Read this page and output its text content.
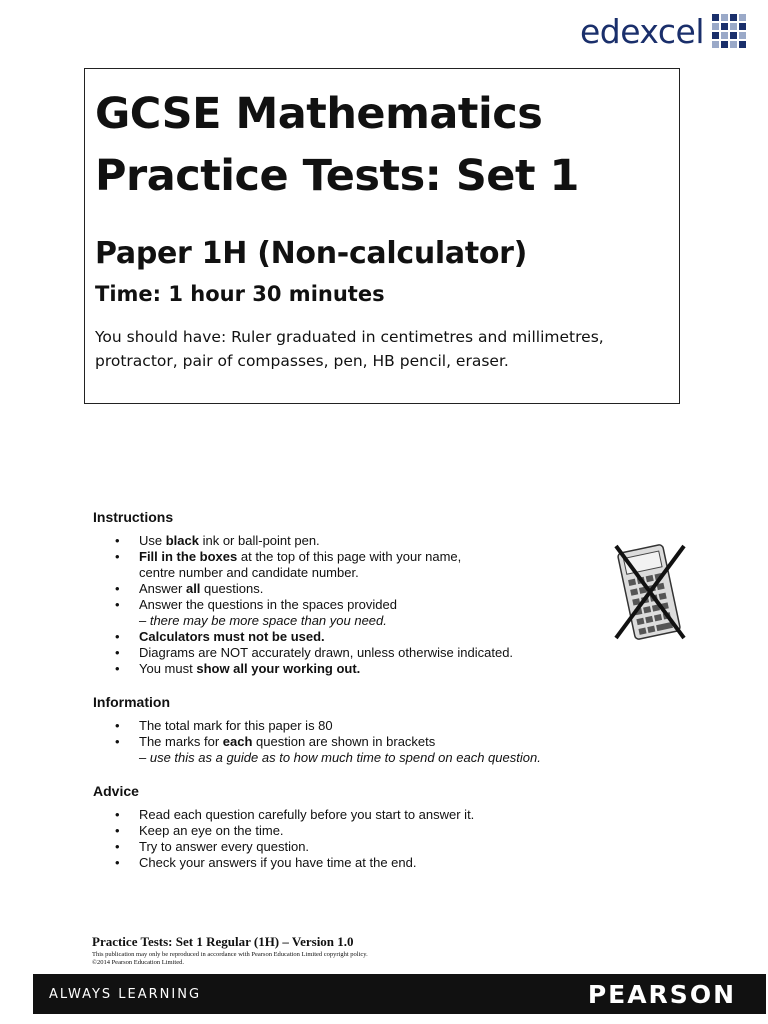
edexcel
GCSE Mathematics
Practice Tests: Set 1
Paper 1H (Non-calculator)
Time: 1 hour 30 minutes
You should have: Ruler graduated in centimetres and millimetres,
protractor, pair of compasses, pen, HB pencil, eraser.
Instructions
• Use black ink or ball-point pen.
• Fill in the boxes at the top of this page with your name,
centre number and candidate number.
• Answer all questions.
• Answer the questions in the spaces provided
– there may be more space than you need.
• Calculators must not be used.
• Diagrams are NOT accurately drawn, unless otherwise indicated.
• You must show all your working out.
Information
• The total mark for this paper is 80
• The marks for each question are shown in brackets
– use this as a guide as to how much time to spend on each question.
Advice
• Read each question carefully before you start to answer it.
• Keep an eye on the time.
• Try to answer every question.
• Check your answers if you have time at the end.
Practice Tests: Set 1 Regular (1H) – Version 1.0
This publication may only be reproduced in accordance with Pearson Education Limited copyright policy.
©2014 Pearson Education Limited.
ALWAYS LEARNING	PEARSON
